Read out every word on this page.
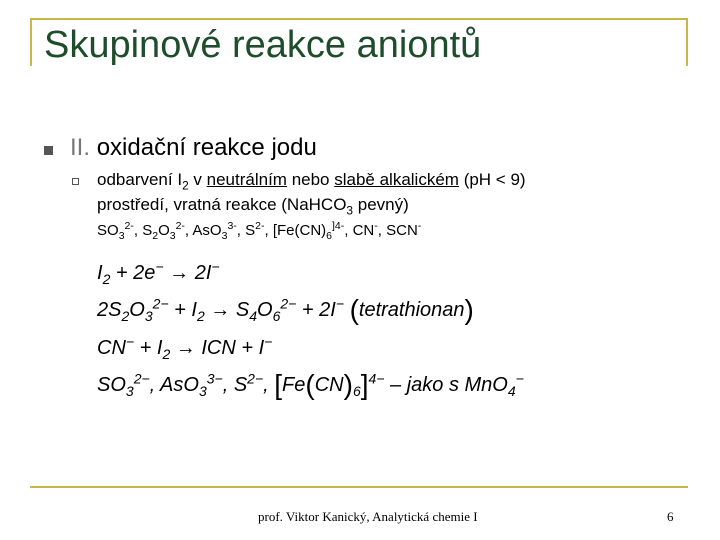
Skupinové reakce aniontů
II. oxidační reakce jodu
odbarvení $I_2$ v neutrálním nebo slabě alkalickém (pH < 9)
prostředí, vratná reakce (NaHCO$_3$ pevný)
$SO_3^{2-}$, $S_2O_3^{2-}$, AsO$_3^{3-}$, $S^{2-}$, [$Fe(CN)_6^{]4-}$, CN-, SCN-
$I_2 + 2e^- \to 2I^-$
$2S_2O_3^{2-} + I_2 \to S_4O_6^{2-} + 2I^-$ (tetrathionan)
$CN^- + I_2$ → ICN + I−
$SO_3^{2-}$, AsO$_3^{3-}$, $S^{2-}$, $[Fe(CN)_6]^{4-}$ – jako s MnO$_4$−
prof. Viktor Kanický, Analytická chemie I	6
